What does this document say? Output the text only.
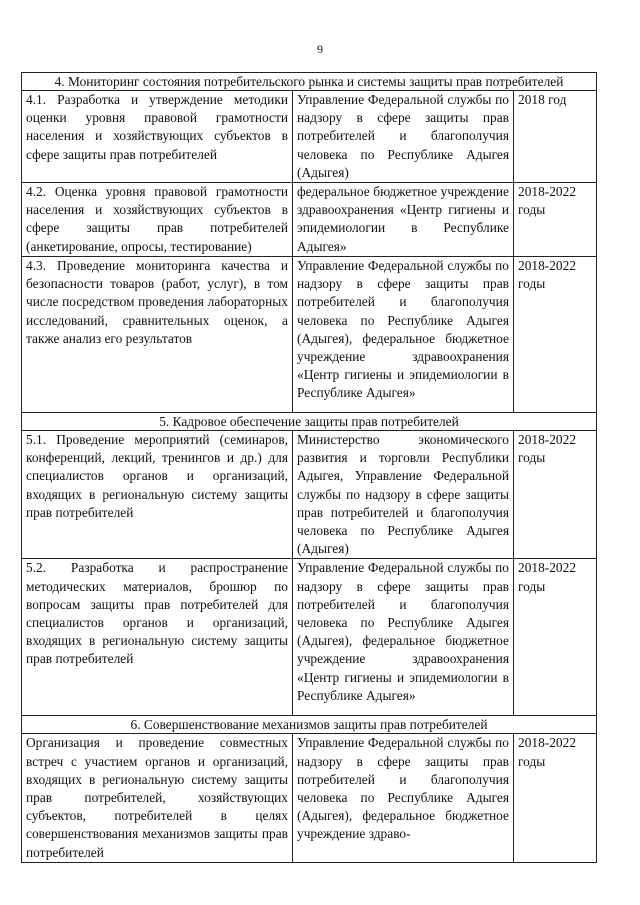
9
4. Мониторинг состояния потребительского рынка и системы защиты прав потребителей		
4.1. Разработка и утверждение методики оценки уровня правовой грамотности населения и хозяйствующих субъектов в сфере защиты прав потребителей	Управление Федеральной службы по надзору в сфере защиты прав потребителей и благополучия человека по Республике Адыгея (Адыгея)	2018 год
4.2. Оценка уровня правовой грамотности населения и хозяйствующих субъектов в сфере защиты прав потребителей (анкетирование, опросы, тестирование)	федеральное бюджетное учреждение здравоохранения «Центр гигиены и эпидемиологии в Республике Адыгея»	2018-2022 годы
4.3. Проведение мониторинга качества и безопасности товаров (работ, услуг), в том числе посредством проведения лабораторных исследований, сравнительных оценок, а также анализ его результатов	Управление Федеральной службы по надзору в сфере защиты прав потребителей и благополучия человека по Республике Адыгея (Адыгея), федеральное бюджетное учреждение здравоохранения «Центр гигиены и эпидемиологии в Республике Адыгея»	2018-2022 годы
5. Кадровое обеспечение защиты прав потребителей		
5.1. Проведение мероприятий (семинаров, конференций, лекций, тренингов и др.) для специалистов органов и организаций, входящих в региональную систему защиты прав потребителей	Министерство экономического развития и торговли Республики Адыгея, Управление Федеральной службы по надзору в сфере защиты прав потребителей и благополучия человека по Республике Адыгея (Адыгея)	2018-2022 годы
5.2. Разработка и распространение методических материалов, брошюр по вопросам защиты прав потребителей для специалистов органов и организаций, входящих в региональную систему защиты прав потребителей	Управление Федеральной службы по надзору в сфере защиты прав потребителей и благополучия человека по Республике Адыгея (Адыгея), федеральное бюджетное учреждение здравоохранения «Центр гигиены и эпидемиологии в Республике Адыгея»	2018-2022 годы
6. Совершенствование механизмов защиты прав потребителей		
Организация и проведение совместных встреч с участием органов и организаций, входящих в региональную систему защиты прав потребителей, хозяйствующих субъектов, потребителей в целях совершенствования механизмов защиты прав потребителей	Управление Федеральной службы по надзору в сфере защиты прав потребителей и благополучия человека по Республике Адыгея (Адыгея), федеральное бюджетное учреждение здраво-	2018-2022 годы
